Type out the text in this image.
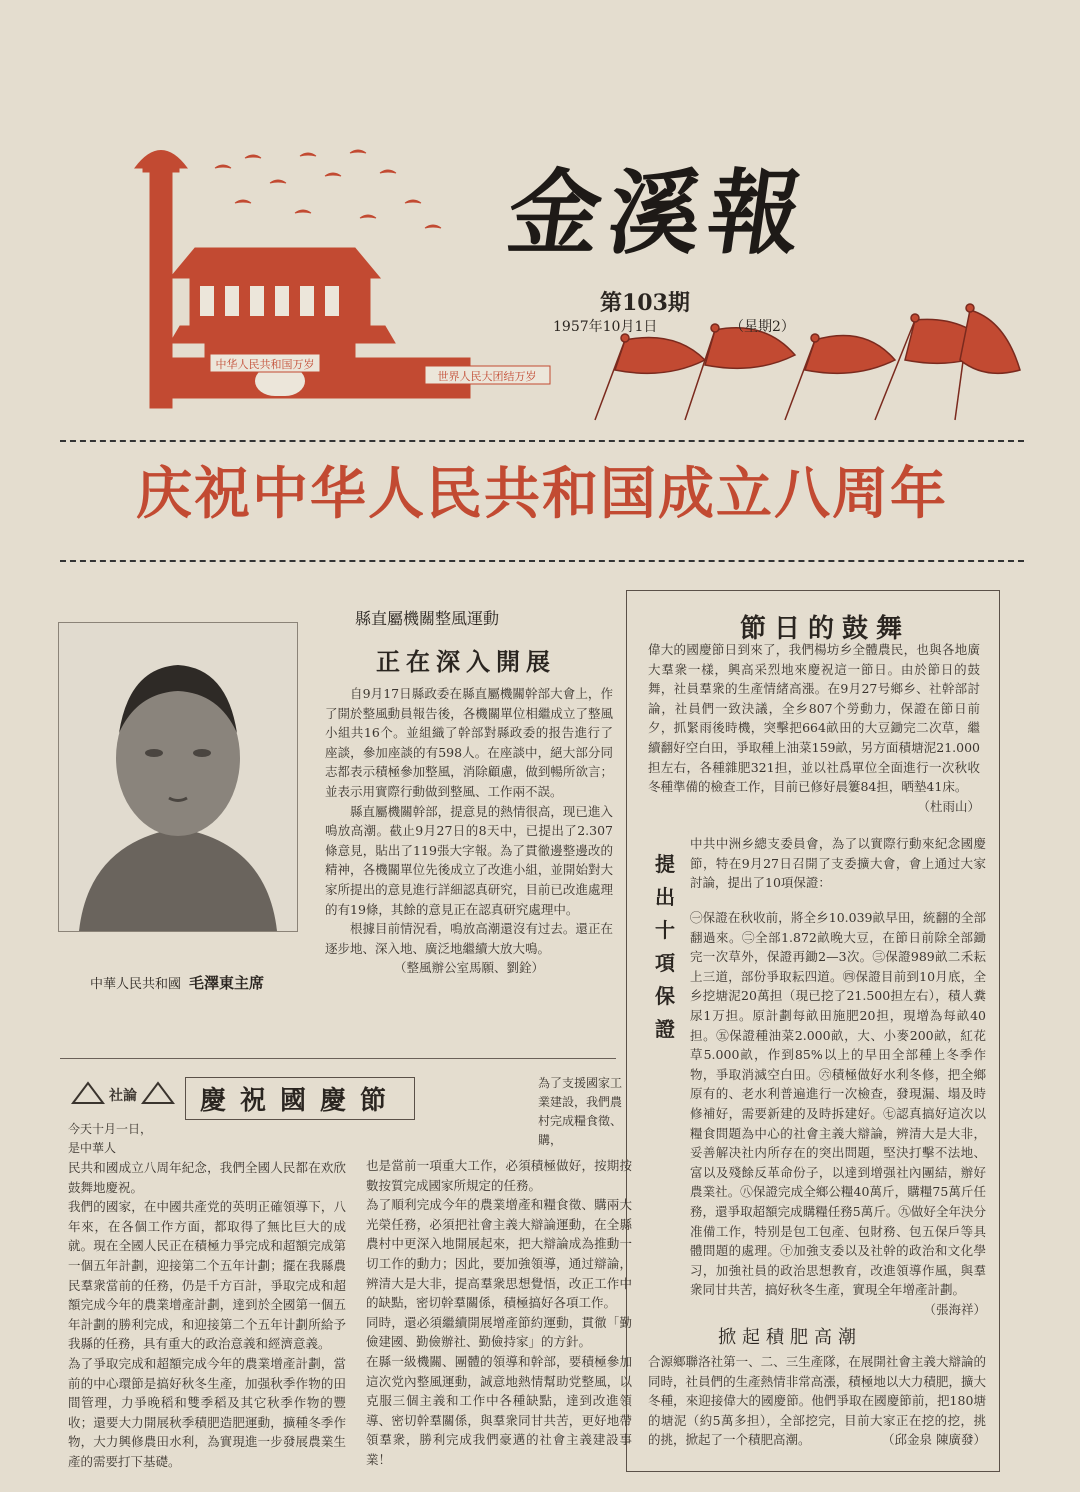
中华人民共和国万岁
世界人民大团结万岁
金溪報
第103期
1957年10月1日	（星期2）
庆祝中华人民共和国成立八周年
中華人民共和國 毛澤東主席
縣直屬機關整風運動
正在深入開展

自9月17日縣政委在縣直屬機關幹部大會上，作了開於整風動員報告後，各機關單位相繼成立了整風小組共16个。並組織了幹部對縣政委的报告進行了座談，參加座談的有598人。在座談中，絕大部分同志都表示積極參加整風，消除顧慮，做到暢所欲言；並表示用實際行動做到整風、工作兩不誤。

縣直屬機關幹部，提意見的熱情很高，现已進入鳴放高潮。截止9月27日的8天中，已提出了2.307條意見，貼出了119張大字報。為了貫徹邊整邊改的精神，各機關單位先後成立了改進小組，並開始對大家所提出的意見進行詳細認真研究，目前已改進處理的有19條，其餘的意見正在認真研究處理中。

根據目前情況看，鳴放高潮還沒有过去。還正在逐步地、深入地、廣泛地繼續大放大鳴。

（整風辦公室馬願、劉銓）

節日的鼓舞
偉大的國慶節日到來了，我們楊坊乡全體農民，也與各地廣大羣衆一樣，興高采烈地來慶祝這一節日。由於節日的鼓舞，社員羣衆的生產情緒高漲。在9月27号鄉乡、社幹部討論，社員們一致決議，全乡807个勞動力，保證在節日前夕，抓緊雨後時機，突擊把664畝田的大豆鋤完二次草，繼續翻好空白田，爭取種上油菜159畝，另方面積塘泥21.000担左右，各種雜肥321担，並以社爲單位全面進行一次秋收冬種準備的檢查工作，目前已修好晨簍84担，晒墊41床。
（杜雨山）
提出十項保證
中共中洲乡總支委員會，為了以實際行動來紀念國慶節，特在9月27日召開了支委擴大會，會上通过大家討論，提出了10項保證：
㊀保證在秋收前，將全乡10.039畝早田，統翻的全部翻過來。㊁全部1.872畝晚大豆，在節日前除全部鋤完一次草外，保證再鋤2—3次。㊂保證989畝二禾耘上三道，部份爭取耘四道。㊃保證目前到10月底，全乡挖塘泥20萬担（現已挖了21.500担左右），積人糞尿1万担。原計劃每畝田施肥20担，現增為每畝40担。㊄保證種油菜2.000畝，大、小麥200畝，紅花草5.000畝，作到85%以上的早田全部種上冬季作物，爭取消滅空白田。㊅積極做好水利冬修，把全鄉原有的、老水利普遍進行一次檢查，發現漏、塌及時修補好，需要新建的及時拆建好。㊆認真搞好這次以糧食問題為中心的社會主義大辯論，辨清大是大非，妥善解决社内所存在的突出問題，堅決打擊不法地、富以及殘餘反革命份子，以達到增强社內團結，辦好農業社。㊇保證完成全鄉公糧40萬斤，購糧75萬斤任務，還爭取超額完成購糧任務5萬斤。㊈做好全年決分准備工作，特别是包工包產、包財務、包五保戶等具體問題的處理。㊉加強支委以及社幹的政治和文化學习，加強社員的政治思想教育，改進領導作風，與羣衆同甘共苦，搞好秋冬生產，實現全年增產計劃。
（張海祥）
掀起積肥高潮
合源鄉聯洛社第一、二、三生產隊，在展開社會主義大辯論的同時，社員們的生產熱情非常高漲，積極地以大力積肥，擴大冬種，來迎接偉大的國慶節。他們爭取在國慶節前，把180塘的塘泥（約5萬多担），全部挖完，目前大家正在挖的挖，挑的挑，掀起了一个積肥高潮。	（邱金泉 陳廣發）
社論	慶祝國慶節
今天十月一日，是中華人
為了支援國家工業建設，我們農村完成糧食徵、購，
民共和國成立八周年紀念，我們全國人民都在欢欣鼓舞地慶祝。
我們的國家，在中國共產党的英明正確領導下，八年來，在各個工作方面，都取得了無比巨大的成就。現在全國人民正在積極力爭完成和超額完成第一個五年計劃，迎接第二个五年计劃；擺在我縣農民羣衆當前的任務，仍是千方百計，爭取完成和超額完成今年的農業增產計劃，達到於全國第一個五年計劃的勝利完成，和迎接第二个五年计劃所給予我縣的任務，具有重大的政治意義和經濟意義。
為了爭取完成和超額完成今年的農業增產計劃，當前的中心環節是搞好秋冬生產，加强秋季作物的田間管理，力爭晚稻和雙季稻及其它秋季作物的豐收；還要大力開展秋季積肥造肥運動，擴種冬季作物，大力興修農田水利，為實現進一步發展農業生產的需要打下基礎。
也是當前一項重大工作，必須積極做好，按期按數按質完成國家所規定的任務。
為了順利完成今年的農業增產和糧食徵、購兩大光榮任務，必須把社會主義大辯論運動，在全縣農村中更深入地開展起來，把大辯論成為推動一切工作的動力；因此，要加強領導，通过辯論，辨清大是大非，提高羣衆思想覺悟，改正工作中的缺點，密切幹羣關係，積極搞好各項工作。
同時，還必須繼續開展增產節約運動，貫徹「勤儉建國、勤儉辦社、勤儉持家」的方針。
在縣一級機關、團體的領導和幹部，要積極參加這次党內整風運動，誠意地熱情幫助党整風，以克服三個主義和工作中各種缺點，達到改進領導、密切幹羣關係，與羣衆同甘共苦，更好地帶領羣衆，勝利完成我們豪邁的社會主義建設事業！
